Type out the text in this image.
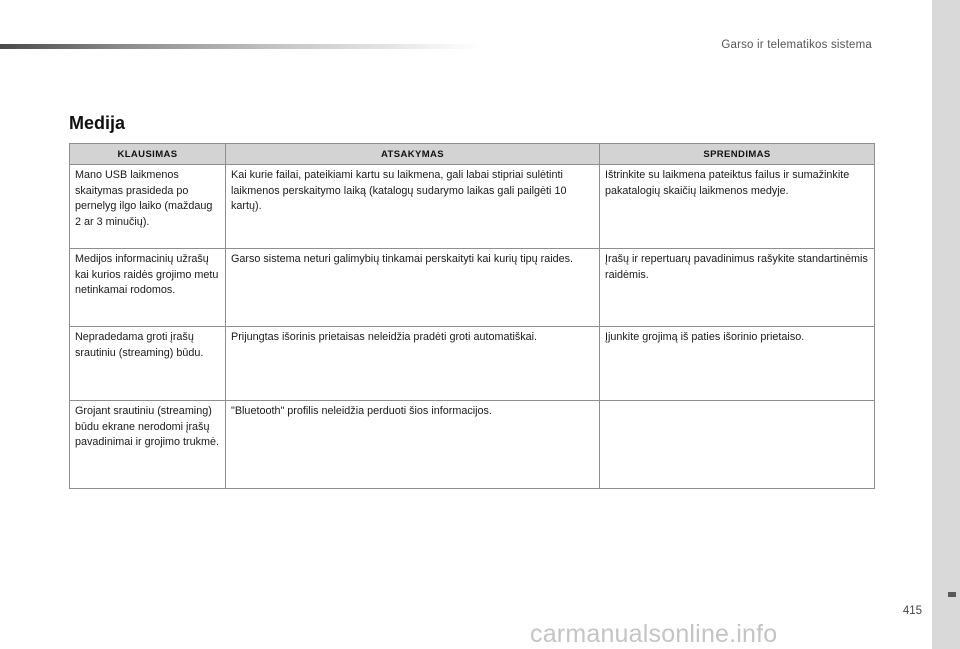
Garso ir telematikos sistema
415
Medija
KLAUSIMAS	ATSAKYMAS	SPRENDIMAS
Mano USB laikmenos skaitymas prasideda po pernelyg ilgo laiko (maždaug 2 ar 3 minučių).	Kai kurie failai, pateikiami kartu su laikmena, gali labai stipriai sulėtinti laikmenos perskaitymo laiką (katalogų sudarymo laikas gali pailgėti 10 kartų).	Ištrinkite su laikmena pateiktus failus ir sumažinkite pakatalogių skaičių laikmenos medyje.
Medijos informacinių užrašų kai kurios raidės grojimo metu netinkamai rodomos.	Garso sistema neturi galimybių tinkamai perskaityti kai kurių tipų raides.	Įrašų ir repertuarų pavadinimus rašykite standartinėmis raidėmis.
Nepradedama groti įrašų srautiniu (streaming) būdu.	Prijungtas išorinis prietaisas neleidžia pradėti groti automatiškai.	Įjunkite grojimą iš paties išorinio prietaiso.
Grojant srautiniu (streaming) būdu ekrane nerodomi įrašų pavadinimai ir grojimo trukmė.	"Bluetooth" profilis neleidžia perduoti šios informacijos.	
carmanualsonline.info
